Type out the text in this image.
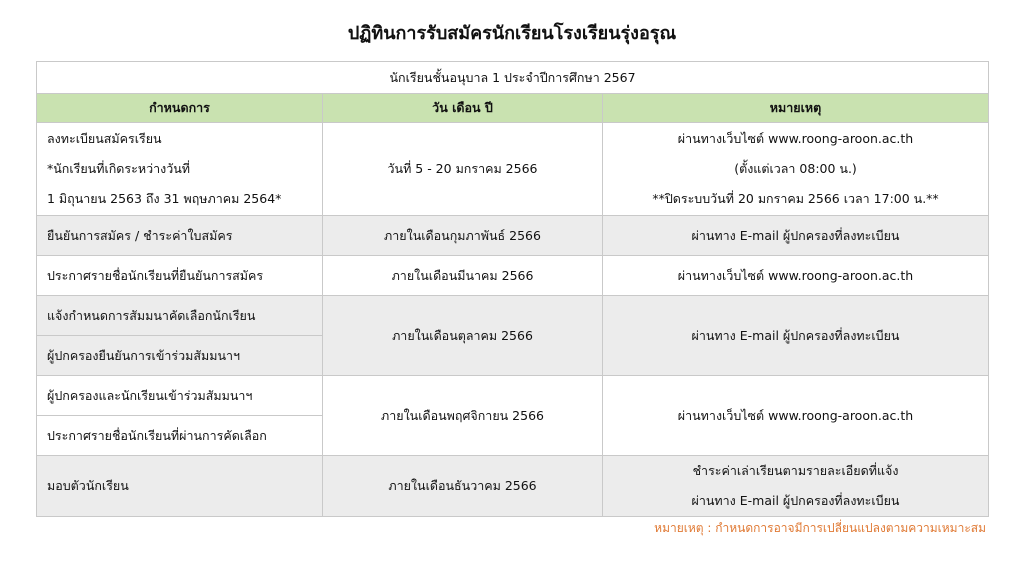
ปฏิทินการรับสมัครนักเรียนโรงเรียนรุ่งอรุณ
นักเรียนชั้นอนุบาล 1 ประจำปีการศึกษา 2567		
กำหนดการ	วัน เดือน ปี	หมายเหตุ

ลงทะเบียนสมัครเรียน
*นักเรียนที่เกิดระหว่างวันที่
1 มิถุนายน 2563 ถึง 31 พฤษภาคม 2564*	วันที่ 5 - 20 มกราคม 2566	ผ่านทางเว็บไซต์ www.roong-aroon.ac.th
(ตั้งแต่เวลา 08:00 น.)
**ปิดระบบวันที่ 20 มกราคม 2566 เวลา 17:00 น.**

ยืนยันการสมัคร / ชำระค่าใบสมัคร	ภายในเดือนกุมภาพันธ์ 2566	ผ่านทาง E-mail ผู้ปกครองที่ลงทะเบียน
ประกาศรายชื่อนักเรียนที่ยืนยันการสมัคร	ภายในเดือนมีนาคม 2566	ผ่านทางเว็บไซต์ www.roong-aroon.ac.th
แจ้งกำหนดการสัมมนาคัดเลือกนักเรียน	ภายในเดือนตุลาคม 2566	ผ่านทาง E-mail ผู้ปกครองที่ลงทะเบียน
ผู้ปกครองยืนยันการเข้าร่วมสัมมนาฯ		
ผู้ปกครองและนักเรียนเข้าร่วมสัมมนาฯ	ภายในเดือนพฤศจิกายน 2566	ผ่านทางเว็บไซต์ www.roong-aroon.ac.th
ประกาศรายชื่อนักเรียนที่ผ่านการคัดเลือก		
มอบตัวนักเรียน	ภายในเดือนธันวาคม 2566	ชำระค่าเล่าเรียนตามรายละเอียดที่แจ้ง
ผ่านทาง E-mail ผู้ปกครองที่ลงทะเบียน
หมายเหตุ : กำหนดการอาจมีการเปลี่ยนแปลงตามความเหมาะสม
